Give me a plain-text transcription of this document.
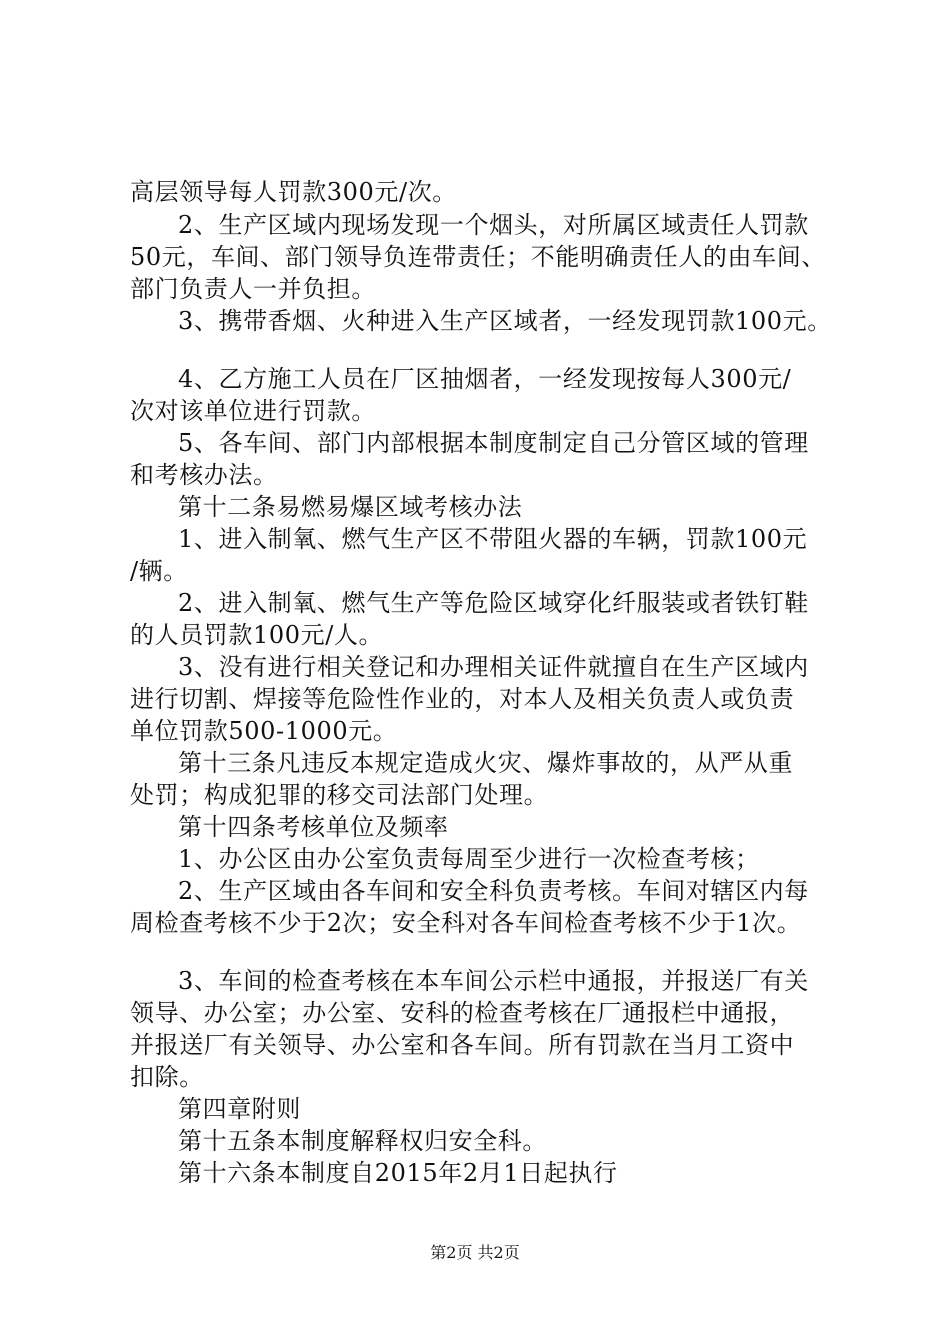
高层领导每人罚款300元/次。
2、生产区域内现场发现一个烟头，对所属区域责任人罚款
50元，车间、部门领导负连带责任；不能明确责任人的由车间、
部门负责人一并负担。
3、携带香烟、火种进入生产区域者，一经发现罚款100元。
4、乙方施工人员在厂区抽烟者，一经发现按每人300元/
次对该单位进行罚款。
5、各车间、部门内部根据本制度制定自己分管区域的管理
和考核办法。
第十二条易燃易爆区域考核办法
1、进入制氧、燃气生产区不带阻火器的车辆，罚款100元
/辆。
2、进入制氧、燃气生产等危险区域穿化纤服装或者铁钉鞋
的人员罚款100元/人。
3、没有进行相关登记和办理相关证件就擅自在生产区域内
进行切割、焊接等危险性作业的，对本人及相关负责人或负责
单位罚款500-1000元。
第十三条凡违反本规定造成火灾、爆炸事故的，从严从重
处罚；构成犯罪的移交司法部门处理。
第十四条考核单位及频率
1、办公区由办公室负责每周至少进行一次检查考核；
2、生产区域由各车间和安全科负责考核。车间对辖区内每
周检查考核不少于2次；安全科对各车间检查考核不少于1次。
3、车间的检查考核在本车间公示栏中通报，并报送厂有关
领导、办公室；办公室、安科的检查考核在厂通报栏中通报，
并报送厂有关领导、办公室和各车间。所有罚款在当月工资中
扣除。
第四章附则
第十五条本制度解释权归安全科。
第十六条本制度自2015年2月1日起执行
第2页 共2页
